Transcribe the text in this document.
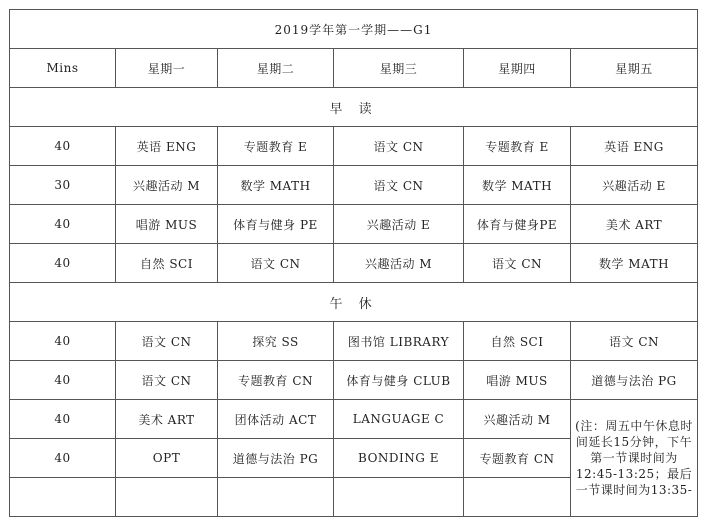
2019学年第一学期——G1					
Mins	星期一	星期二	星期三	星期四	星期五
早 读					
40	英语 ENG	专题教育 E	语文 CN	专题教育 E	英语 ENG
30	兴趣活动 M	数学 MATH	语文 CN	数学 MATH	兴趣活动 E
40	唱游 MUS	体育与健身 PE	兴趣活动 E	体育与健身PE	美术 ART
40	自然 SCI	语文 CN	兴趣活动 M	语文 CN	数学 MATH
午 休					
40	语文 CN	探究 SS	图书馆 LIBRARY	自然 SCI	语文 CN
40	语文 CN	专题教育 CN	体育与健身 CLUB	唱游 MUS	道德与法治 PG
40	美术 ART	团体活动 ACT	LANGUAGE C	兴趣活动 M	(注：周五中午休息时间延长15分钟，下午第一节课时间为12:45-13:25；最后一节课时间为13:35-
40	OPT	道德与法治 PG	BONDING E	专题教育 CN	
